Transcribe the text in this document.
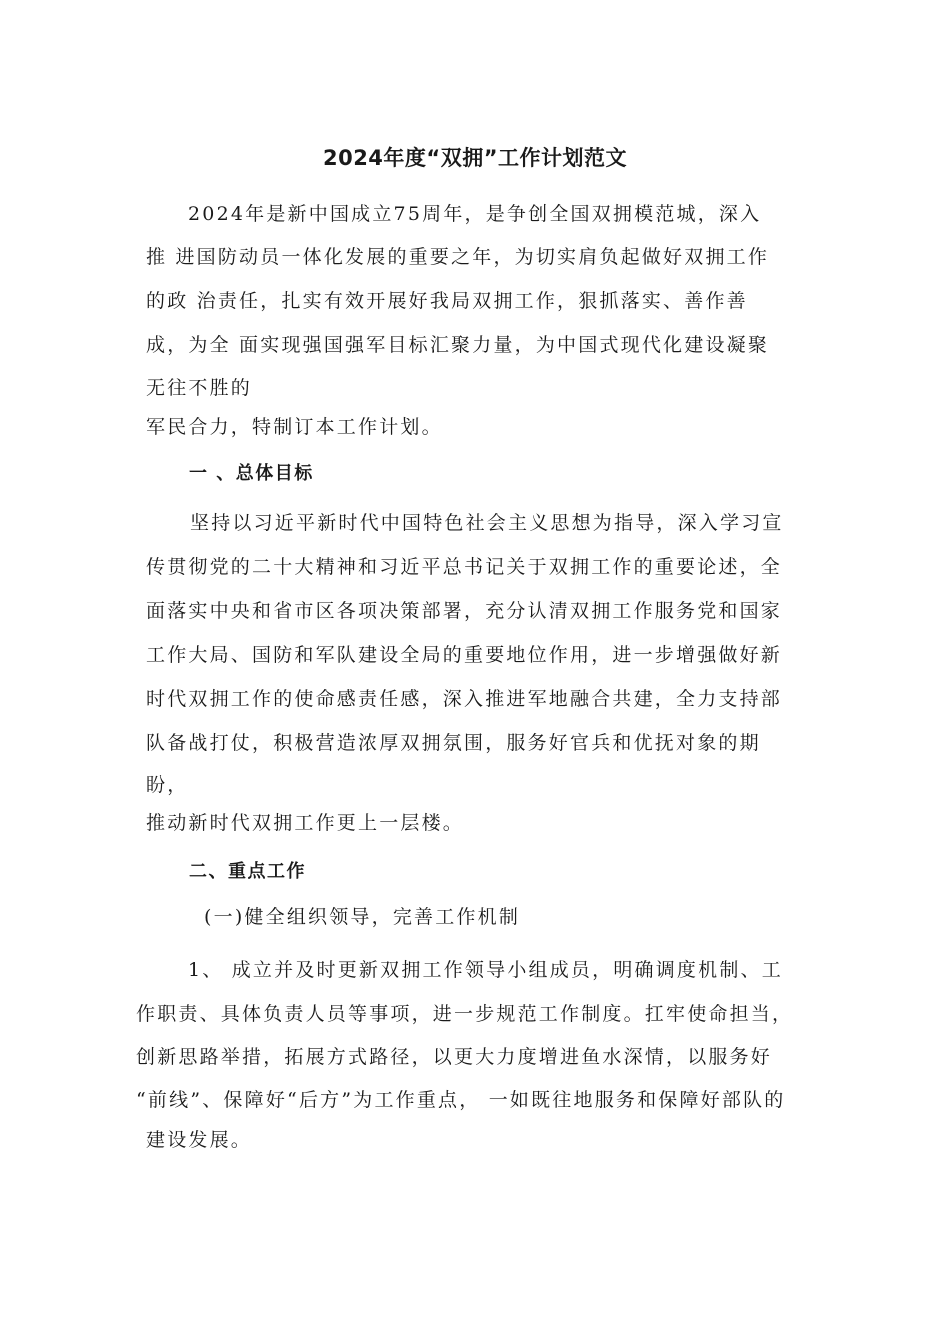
2024年度“双拥”工作计划范文
2024年是新中国成立75周年，是争创全国双拥模范城，深入
推 进国防动员一体化发展的重要之年，为切实肩负起做好双拥工作
的政 治责任，扎实有效开展好我局双拥工作，狠抓落实、善作善
成，为全 面实现强国强军目标汇聚力量，为中国式现代化建设凝聚
无往不胜的
军民合力，特制订本工作计划。
一 、总体目标
坚持以习近平新时代中国特色社会主义思想为指导，深入学习宣
传贯彻党的二十大精神和习近平总书记关于双拥工作的重要论述，全
面落实中央和省市区各项决策部署，充分认清双拥工作服务党和国家
工作大局、国防和军队建设全局的重要地位作用，进一步增强做好新
时代双拥工作的使命感责任感，深入推进军地融合共建，全力支持部
队备战打仗，积极营造浓厚双拥氛围，服务好官兵和优抚对象的期
盼，
推动新时代双拥工作更上一层楼。
二、重点工作
(一)健全组织领导，完善工作机制
1、 成立并及时更新双拥工作领导小组成员，明确调度机制、工
作职责、具体负责人员等事项，进一步规范工作制度。扛牢使命担当，
创新思路举措，拓展方式路径，以更大力度增进鱼水深情，以服务好
“前线”、保障好“后方”为工作重点， 一如既往地服务和保障好部队的
建设发展。
